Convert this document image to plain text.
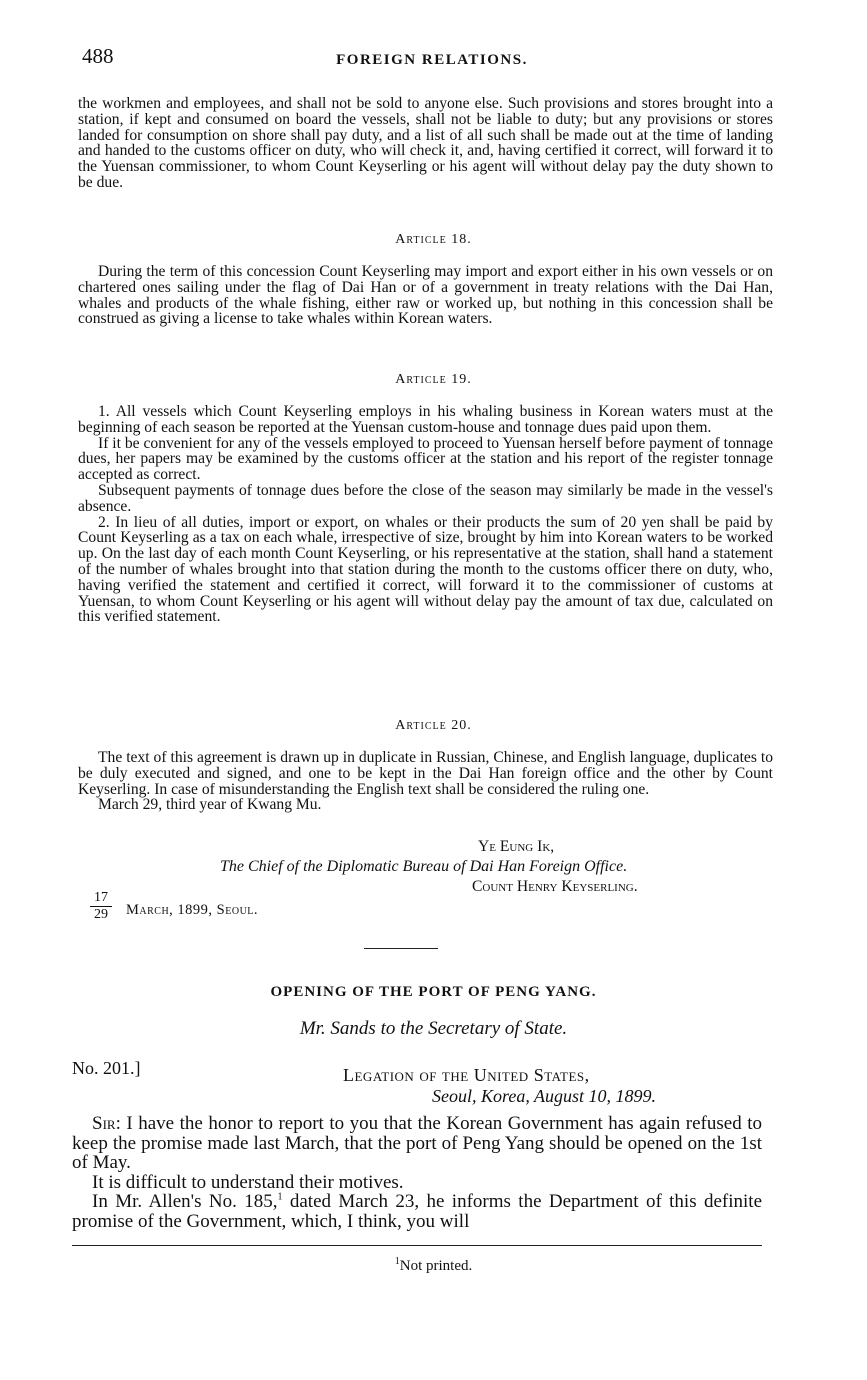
488	FOREIGN RELATIONS.

the workmen and employees, and shall not be sold to anyone else. Such provisions and stores brought into a station, if kept and consumed on board the vessels, shall not be liable to duty; but any provisions or stores landed for consumption on shore shall pay duty, and a list of all such shall be made out at the time of landing and handed to the customs officer on duty, who will check it, and, having certified it correct, will forward it to the Yuensan commissioner, to whom Count Keyserling or his agent will without delay pay the duty shown to be due.

Article 18.

During the term of this concession Count Keyserling may import and export either in his own vessels or on chartered ones sailing under the flag of Dai Han or of a government in treaty relations with the Dai Han, whales and products of the whale fishing, either raw or worked up, but nothing in this concession shall be construed as giving a license to take whales within Korean waters.

Article 19.

1. All vessels which Count Keyserling employs in his whaling business in Korean waters must at the beginning of each season be reported at the Yuensan custom-house and tonnage dues paid upon them.

If it be convenient for any of the vessels employed to proceed to Yuensan herself before payment of tonnage dues, her papers may be examined by the customs officer at the station and his report of the register tonnage accepted as correct.

Subsequent payments of tonnage dues before the close of the season may similarly be made in the vessel's absence.

2. In lieu of all duties, import or export, on whales or their products the sum of 20 yen shall be paid by Count Keyserling as a tax on each whale, irrespective of size, brought by him into Korean waters to be worked up. On the last day of each month Count Keyserling, or his representative at the station, shall hand a statement of the number of whales brought into that station during the month to the customs officer there on duty, who, having verified the statement and certified it correct, will forward it to the commissioner of customs at Yuensan, to whom Count Keyserling or his agent will without delay pay the amount of tax due, calculated on this verified statement.

Article 20.

The text of this agreement is drawn up in duplicate in Russian, Chinese, and English language, duplicates to be duly executed and signed, and one to be kept in the Dai Han foreign office and the other by Count Keyserling. In case of misunderstanding the English text shall be considered the ruling one.

March 29, third year of Kwang Mu.

Ye Eung Ik,
The Chief of the Diplomatic Bureau of Dai Han Foreign Office.
Count Henry Keyserling.
$\frac{17}{29}$ March, 1899, Seoul.
OPENING OF THE PORT OF PENG YANG.
Mr. Sands to the Secretary of State.
No. 201.]	Legation of the United States,
Seoul, Korea, August 10, 1899.

Sir: I have the honor to report to you that the Korean Government has again refused to keep the promise made last March, that the port of Peng Yang should be opened on the 1st of May.

It is difficult to understand their motives.

In Mr. Allen's No. 185,$^1$ dated March 23, he informs the Department of this definite promise of the Government, which, I think, you will

$^1$Not printed.
